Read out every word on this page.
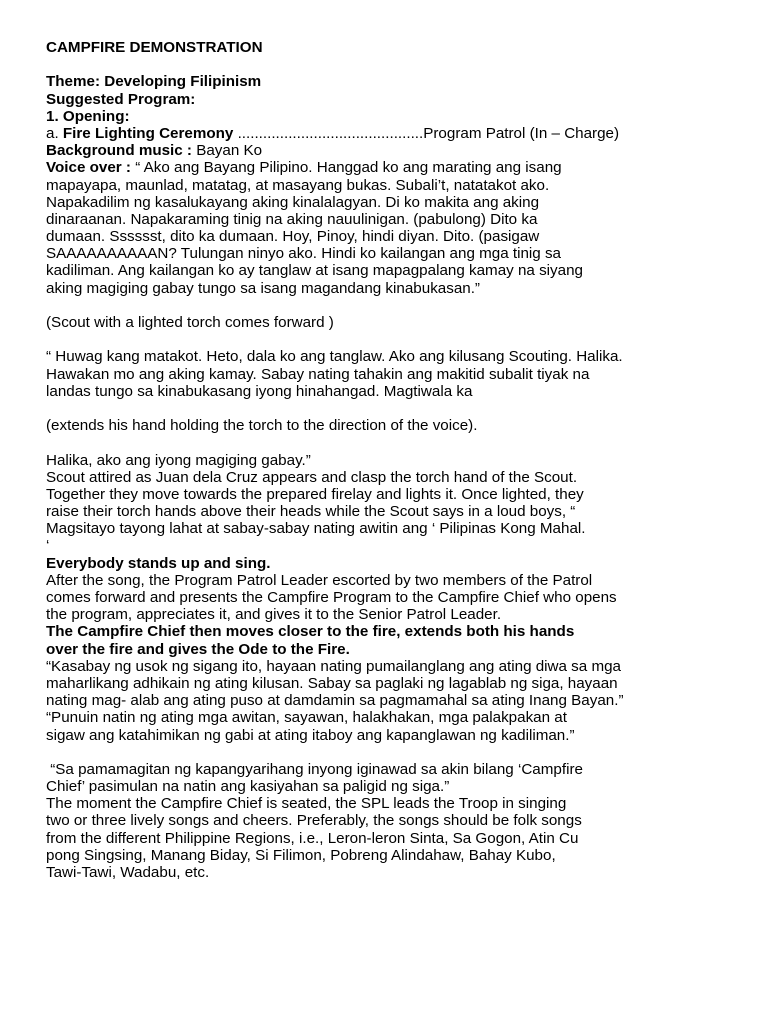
CAMPFIRE DEMONSTRATION
Theme: Developing Filipinism
Suggested Program:
1. Opening:
a. Fire Lighting Ceremony ............................................Program Patrol (In – Charge)
Background music : Bayan Ko
Voice over : “ Ako ang Bayang Pilipino. Hanggad ko ang marating ang isang
mapayapa, maunlad, matatag, at masayang bukas. Subali’t, natatakot ako.
Napakadilim ng kasalukayang aking kinalalagyan. Di ko makita ang aking
dinaraanan. Napakaraming tinig na aking nauulinigan. (pabulong) Dito ka
dumaan. Sssssst, dito ka dumaan. Hoy, Pinoy, hindi diyan. Dito. (pasigaw
SAAAAAAAAAAN? Tulungan ninyo ako. Hindi ko kailangan ang mga tinig sa
kadiliman. Ang kailangan ko ay tanglaw at isang mapagpalang kamay na siyang
aking magiging gabay tungo sa isang magandang kinabukasan.”
(Scout with a lighted torch comes forward )
“ Huwag kang matakot. Heto, dala ko ang tanglaw. Ako ang kilusang Scouting. Halika.
Hawakan mo ang aking kamay. Sabay nating tahakin ang makitid subalit tiyak na
landas tungo sa kinabukasang iyong hinahangad. Magtiwala ka
(extends his hand holding the torch to the direction of the voice).
Halika, ako ang iyong magiging gabay.”
Scout attired as Juan dela Cruz appears and clasp the torch hand of the Scout.
Together they move towards the prepared firelay and lights it. Once lighted, they
raise their torch hands above their heads while the Scout says in a loud boys, “
Magsitayo tayong lahat at sabay-sabay nating awitin ang ‘ Pilipinas Kong Mahal.
‘
Everybody stands up and sing.
After the song, the Program Patrol Leader escorted by two members of the Patrol
comes forward and presents the Campfire Program to the Campfire Chief who opens
the program, appreciates it, and gives it to the Senior Patrol Leader.
The Campfire Chief then moves closer to the fire, extends both his hands
over the fire and gives the Ode to the Fire.
“Kasabay ng usok ng sigang ito, hayaan nating pumailanglang ang ating diwa sa mga
maharlikang adhikain ng ating kilusan. Sabay sa paglaki ng lagablab ng siga, hayaan
nating mag- alab ang ating puso at damdamin sa pagmamahal sa ating Inang Bayan.”
“Punuin natin ng ating mga awitan, sayawan, halakhakan, mga palakpakan at
sigaw ang katahimikan ng gabi at ating itaboy ang kapanglawan ng kadiliman.”
“Sa pamamagitan ng kapangyarihang inyong iginawad sa akin bilang ‘Campfire
Chief’ pasimulan na natin ang kasiyahan sa paligid ng siga.”
The moment the Campfire Chief is seated, the SPL leads the Troop in singing
two or three lively songs and cheers. Preferably, the songs should be folk songs
from the different Philippine Regions, i.e., Leron-leron Sinta, Sa Gogon, Atin Cu
pong Singsing, Manang Biday, Si Filimon, Pobreng Alindahaw, Bahay Kubo,
Tawi-Tawi, Wadabu, etc.
